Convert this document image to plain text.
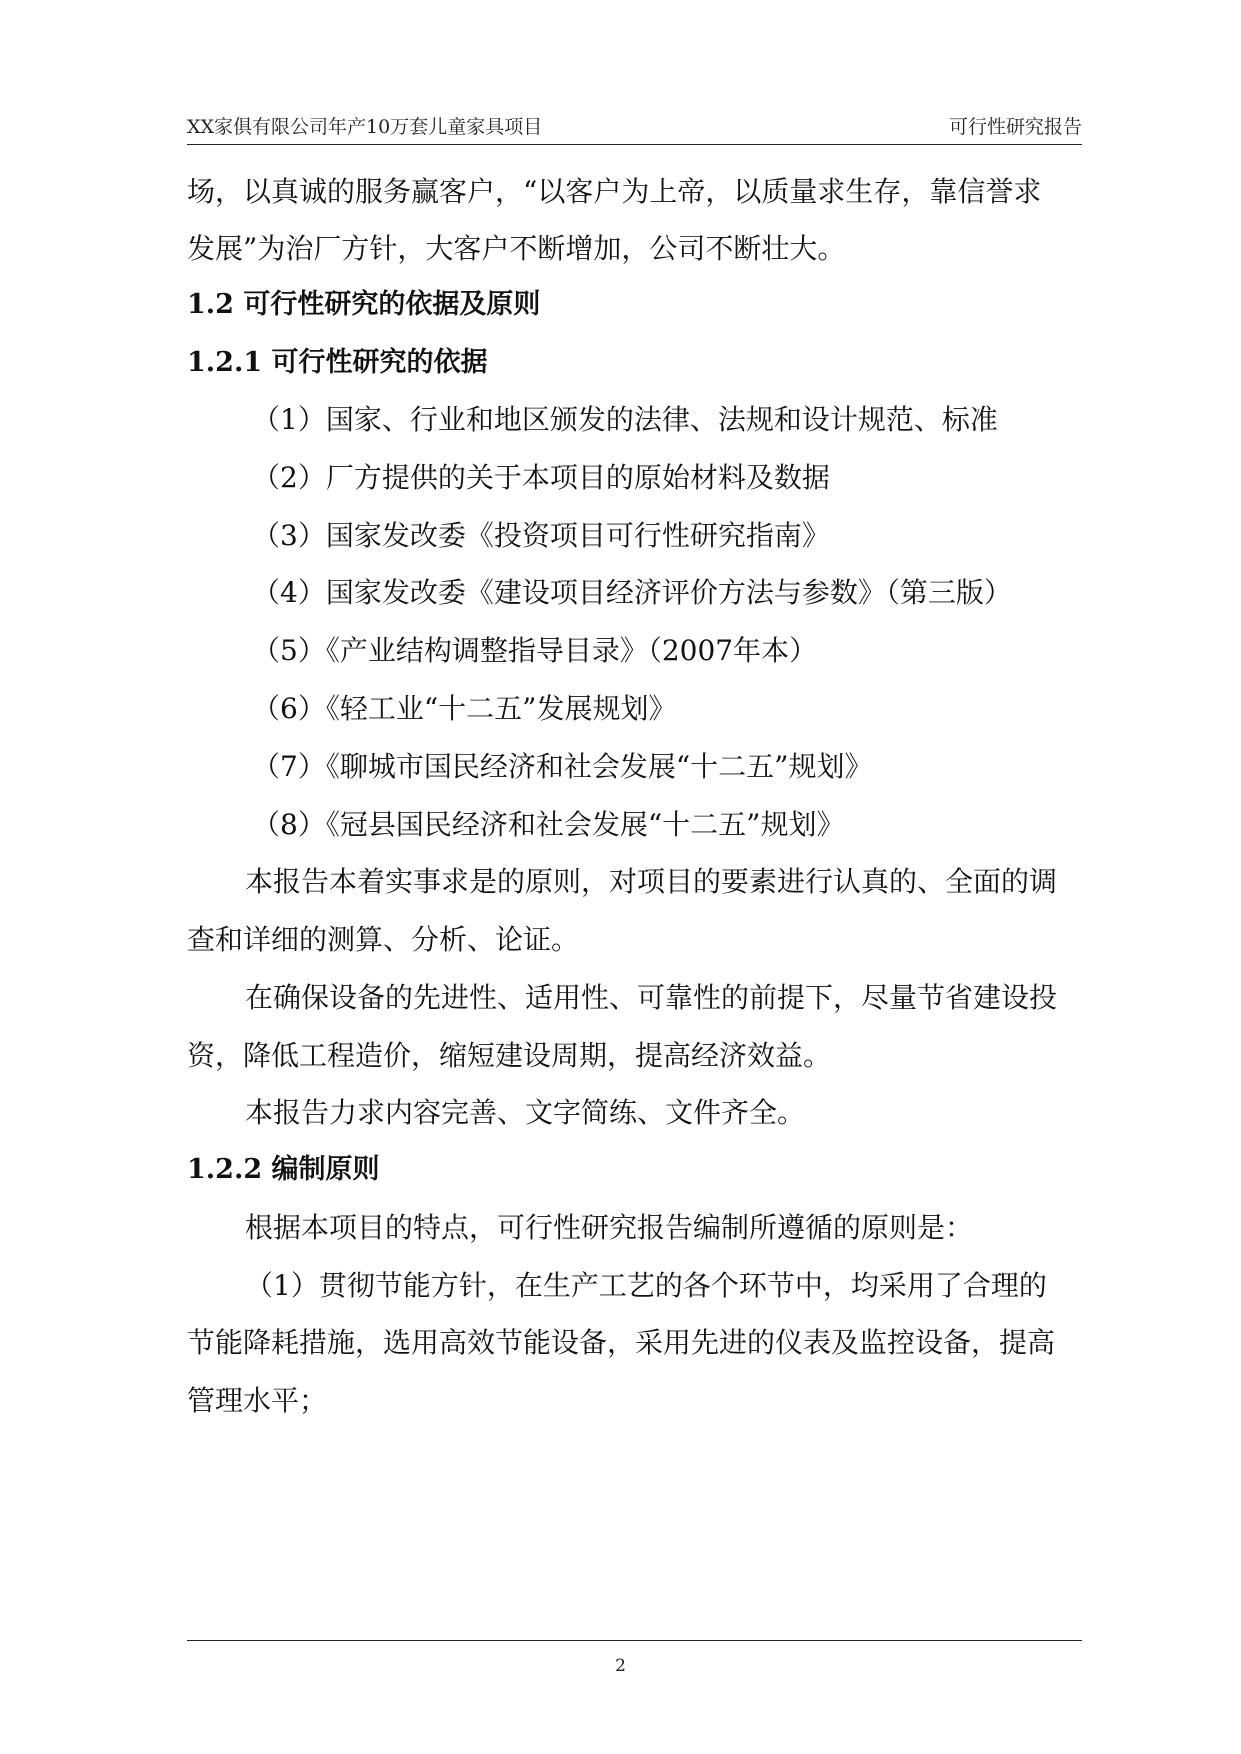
XX家俱有限公司年产10万套儿童家具项目	可行性研究报告
场，以真诚的服务赢客户，“以客户为上帝，以质量求生存，靠信誉求
发展”为治厂方针，大客户不断增加，公司不断壮大。
1.2 可行性研究的依据及原则
1.2.1 可行性研究的依据
（1）国家、行业和地区颁发的法律、法规和设计规范、标准
（2）厂方提供的关于本项目的原始材料及数据
（3）国家发改委《投资项目可行性研究指南》
（4）国家发改委《建设项目经济评价方法与参数》（第三版）
（5）《产业结构调整指导目录》（2007年本）
（6）《轻工业“十二五”发展规划》
（7）《聊城市国民经济和社会发展“十二五”规划》
（8）《冠县国民经济和社会发展“十二五”规划》
本报告本着实事求是的原则，对项目的要素进行认真的、全面的调
查和详细的测算、分析、论证。
在确保设备的先进性、适用性、可靠性的前提下，尽量节省建设投
资，降低工程造价，缩短建设周期，提高经济效益。
本报告力求内容完善、文字简练、文件齐全。
1.2.2 编制原则
根据本项目的特点，可行性研究报告编制所遵循的原则是：
（1）贯彻节能方针，在生产工艺的各个环节中，均采用了合理的
节能降耗措施，选用高效节能设备，采用先进的仪表及监控设备，提高
管理水平；
2
